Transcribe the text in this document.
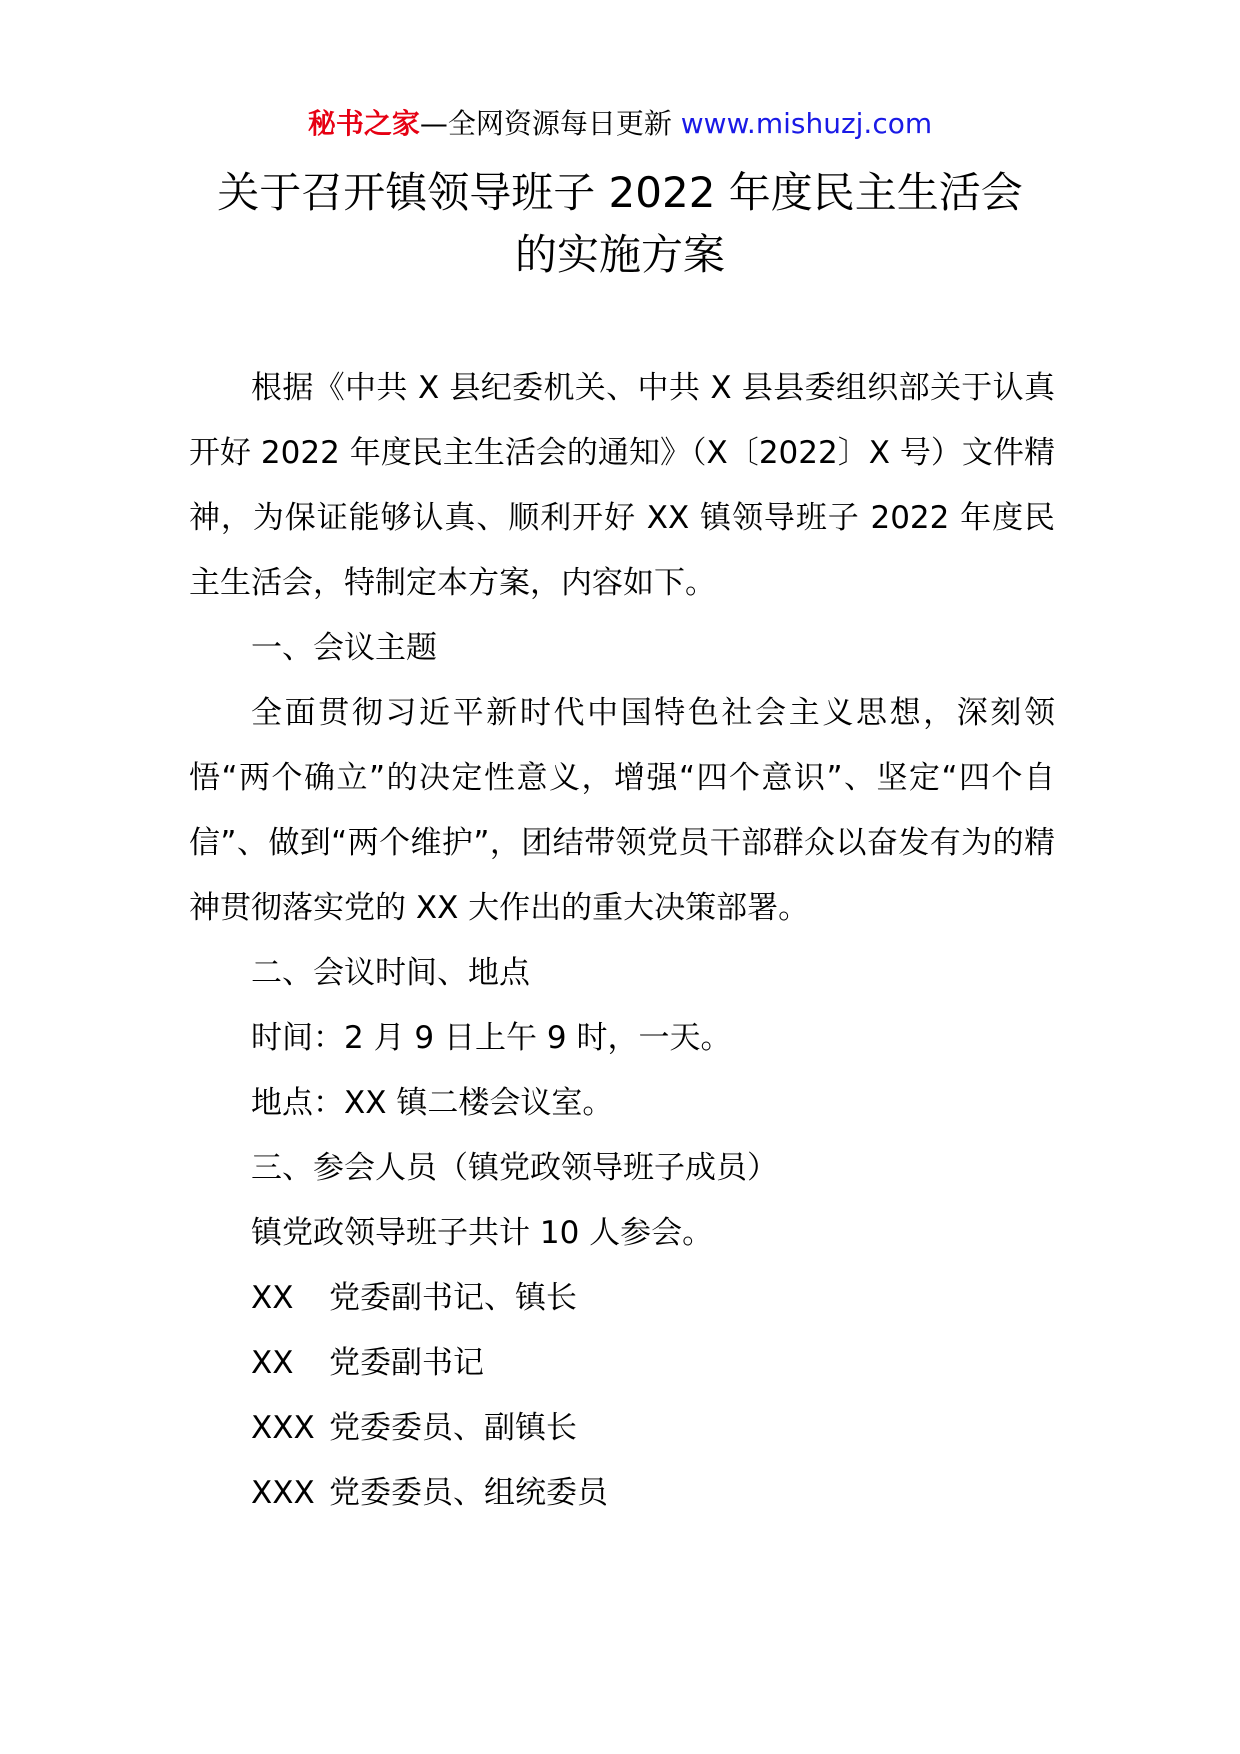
秘书之家—全网资源每日更新 www.mishuzj.com
关于召开镇领导班子 2022 年度民主生活会
的实施方案

根据《中共 X 县纪委机关、中共 X 县县委组织部关于认真开好 2022 年度民主生活会的通知》（X〔2022〕X 号）文件精神，为保证能够认真、顺利开好 XX 镇领导班子 2022 年度民主生活会，特制定本方案，内容如下。

一、会议主题

全面贯彻习近平新时代中国特色社会主义思想，深刻领悟“两个确立”的决定性意义，增强“四个意识”、坚定“四个自信”、做到“两个维护”，团结带领党员干部群众以奋发有为的精神贯彻落实党的 XX 大作出的重大决策部署。

二、会议时间、地点

时间：2 月 9 日上午 9 时，一天。

地点：XX 镇二楼会议室。

三、参会人员（镇党政领导班子成员）

镇党政领导班子共计 10 人参会。

XX 党委副书记、镇长

XX 党委副书记

XXX 党委委员、副镇长

XXX 党委委员、组统委员
